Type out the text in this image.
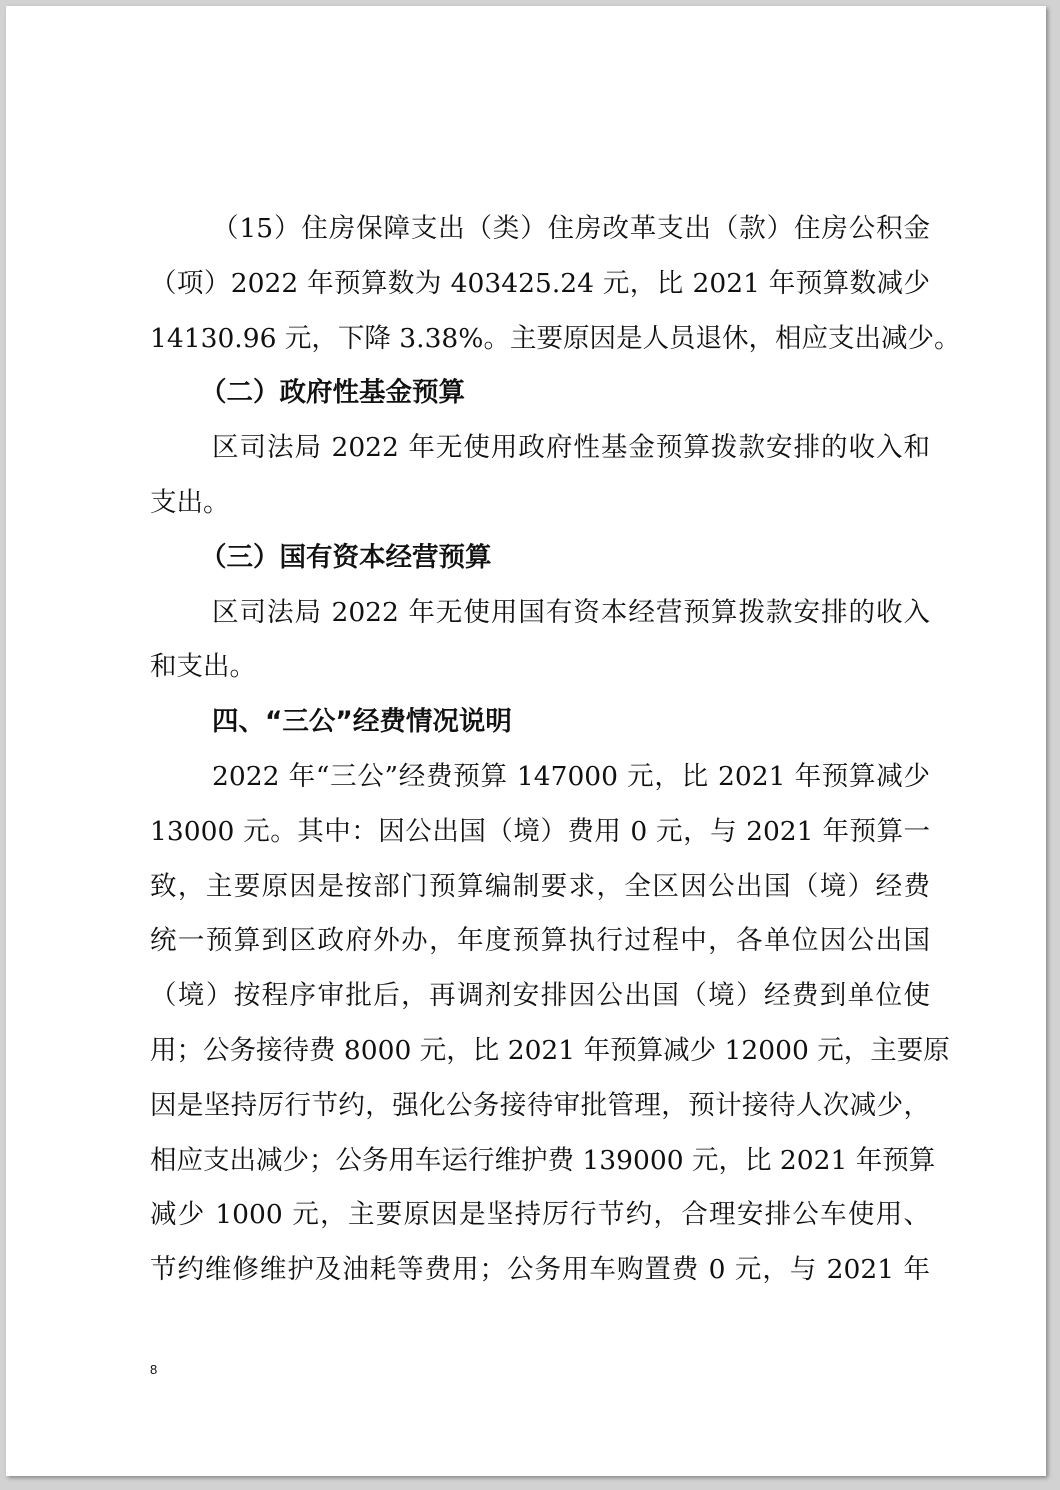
（15）住房保障支出（类）住房改革支出（款）住房公积金
（项）2022 年预算数为 403425.24 元，比 2021 年预算数减少
14130.96 元，下降 3.38%。主要原因是人员退休，相应支出减少。
（二）政府性基金预算
区司法局 2022 年无使用政府性基金预算拨款安排的收入和
支出。
（三）国有资本经营预算
区司法局 2022 年无使用国有资本经营预算拨款安排的收入
和支出。
四、“三公”经费情况说明
2022 年“三公”经费预算 147000 元，比 2021 年预算减少
13000 元。其中：因公出国（境）费用 0 元，与 2021 年预算一
致，主要原因是按部门预算编制要求，全区因公出国（境）经费
统一预算到区政府外办，年度预算执行过程中，各单位因公出国
（境）按程序审批后，再调剂安排因公出国（境）经费到单位使
用；公务接待费 8000 元，比 2021 年预算减少 12000 元，主要原
因是坚持厉行节约，强化公务接待审批管理，预计接待人次减少，
相应支出减少；公务用车运行维护费 139000 元，比 2021 年预算
减少 1000 元，主要原因是坚持厉行节约，合理安排公车使用、
节约维修维护及油耗等费用；公务用车购置费 0 元，与 2021 年
8
